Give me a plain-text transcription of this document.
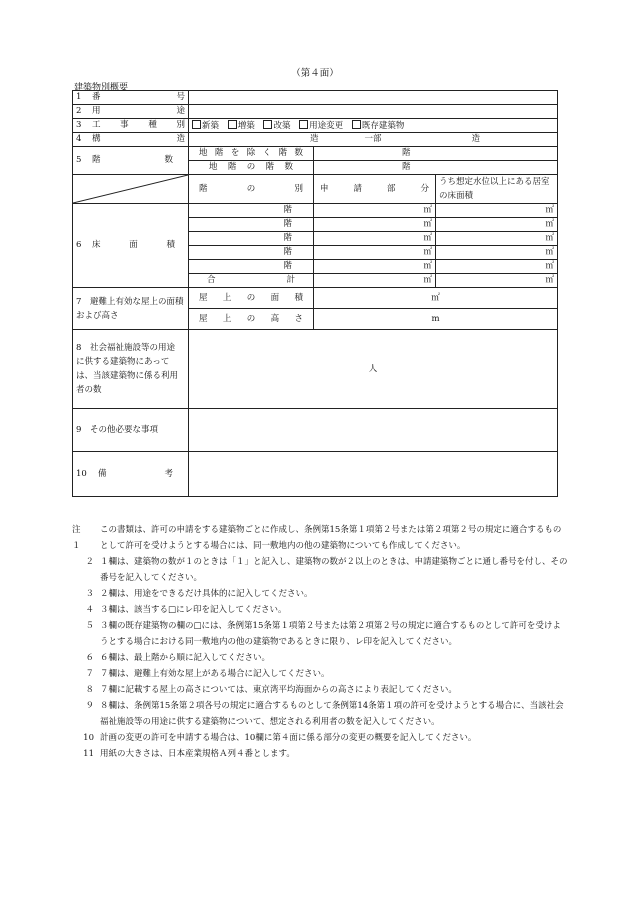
（第４面）
建築物別概要
1 番　　号			

2 用　　途			

3 工事種別	新築 増築 改築 用途変更 既存建築物		

4 構　　造	造 一部 造		

5 階　　数	地階を除く階数	階	
	地階の階数	階	

	階の別	申請部分	うち想定水位以上にある居室の床面積

6 床面積	階	㎡	㎡
	階	㎡	㎡
	階	㎡	㎡
	階	㎡	㎡
	階	㎡	㎡
	合計	㎡	㎡
7　 避難上有効な屋上の面積および高さ	屋上の面積	㎡	
	屋上の高さ	m	
8　 社会福祉施設等の用途に供する建築物にあっては、当該建築物に係る利用者の数	人		
9　 その他必要な事項			

10 備考			

注１
この書類は、許可の申請をする建築物ごとに作成し、条例第15条第１項第２号または第２項第２号の規定に適合するものとして許可を受けようとする場合には、同一敷地内の他の建築物についても作成してください。
２ １欄は、建築物の数が１のときは「１」と記入し、建築物の数が２以上のときは、申請建築物ごとに通し番号を付し、その番号を記入してください。
３ ２欄は、用途をできるだけ具体的に記入してください。
４ ３欄は、該当する□にレ印を記入してください。
５ ３欄の既存建築物の欄の□には、条例第15条第１項第２号または第２項第２号の規定に適合するものとして許可を受けようとする場合における同一敷地内の他の建築物であるときに限り、レ印を記入してください。
６ ６欄は、最上階から順に記入してください。
７ ７欄は、避難上有効な屋上がある場合に記入してください。
８ ７欄に記載する屋上の高さについては、東京湾平均海面からの高さにより表記してください。
９ ８欄は、条例第15条第２項各号の規定に適合するものとして条例第14条第１項の許可を受けようとする場合に、当該社会福祉施設等の用途に供する建築物について、想定される利用者の数を記入してください。
10 計画の変更の許可を申請する場合は、10欄に第４面に係る部分の変更の概要を記入してください。
11 用紙の大きさは、日本産業規格Ａ列４番とします。
